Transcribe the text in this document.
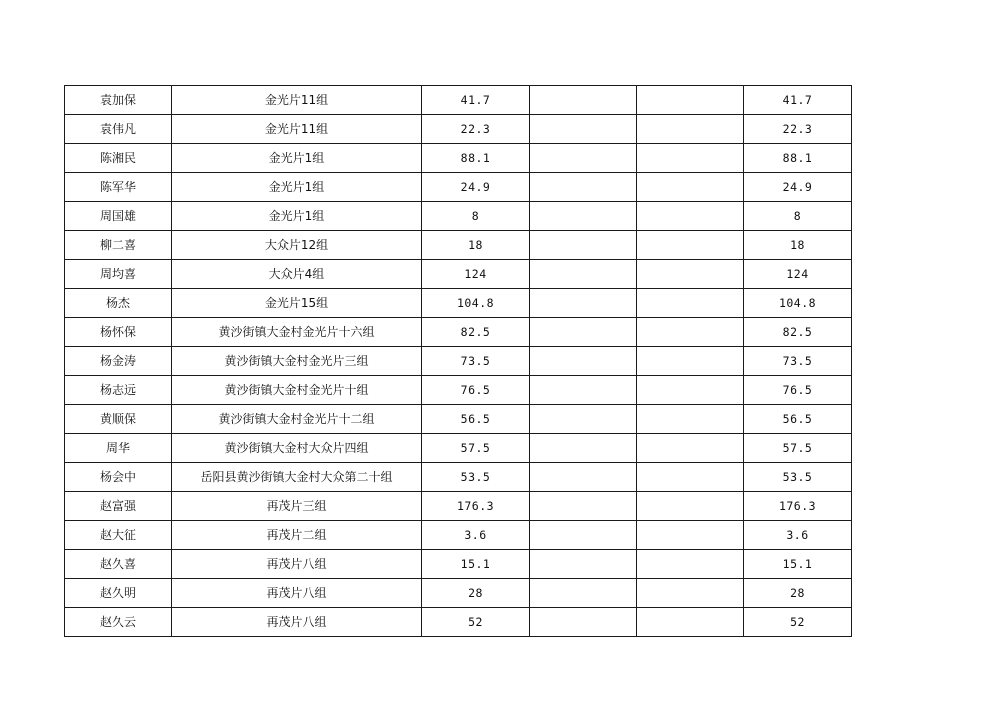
袁加保	金光片11组	41.7			41.7
袁伟凡	金光片11组	22.3			22.3
陈湘民	金光片1组	88.1			88.1
陈军华	金光片1组	24.9			24.9
周国雄	金光片1组	8			8
柳二喜	大众片12组	18			18
周均喜	大众片4组	124			124
杨杰	金光片15组	104.8			104.8
杨怀保	黄沙街镇大金村金光片十六组	82.5			82.5
杨金涛	黄沙街镇大金村金光片三组	73.5			73.5
杨志远	黄沙街镇大金村金光片十组	76.5			76.5
黄顺保	黄沙街镇大金村金光片十二组	56.5			56.5
周华	黄沙街镇大金村大众片四组	57.5			57.5
杨会中	岳阳县黄沙街镇大金村大众第二十组	53.5			53.5
赵富强	再茂片三组	176.3			176.3
赵大征	再茂片二组	3.6			3.6
赵久喜	再茂片八组	15.1			15.1
赵久明	再茂片八组	28			28
赵久云	再茂片八组	52			52
